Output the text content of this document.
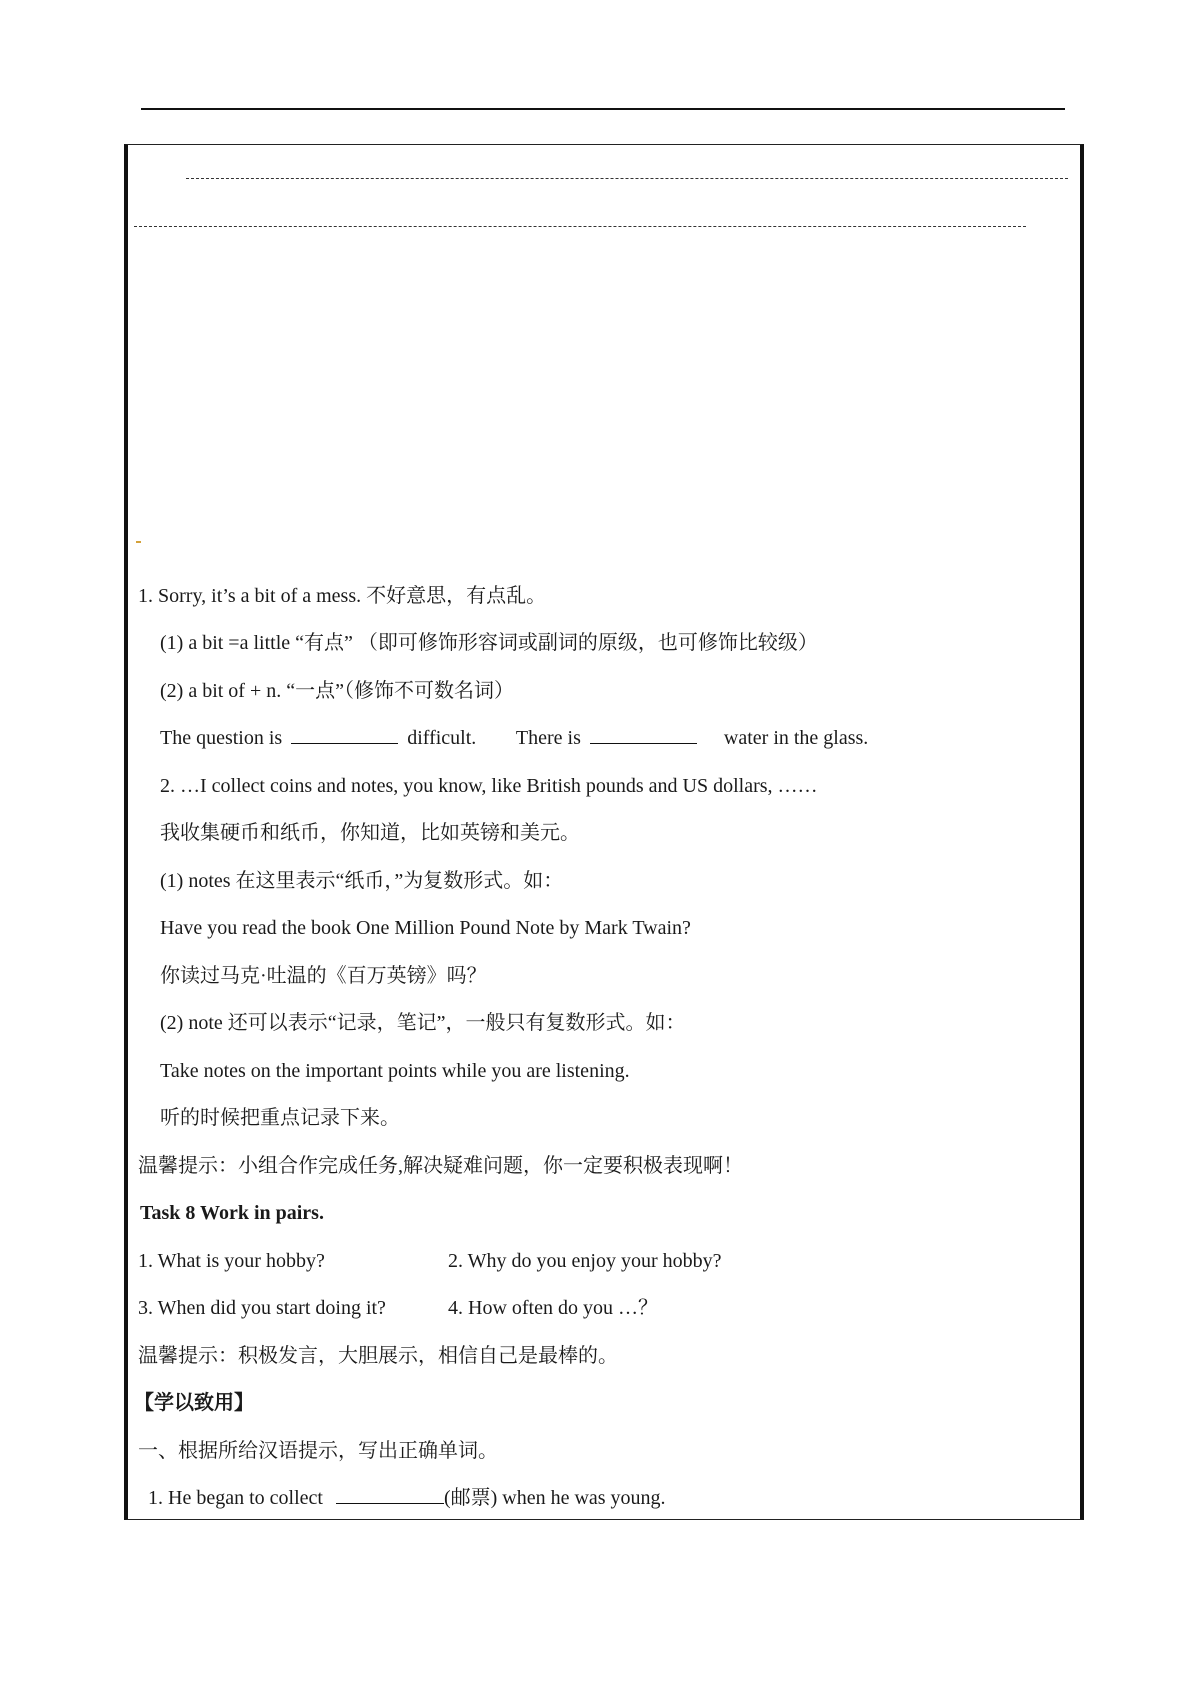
1. Sorry, it’s a bit of a mess. 不好意思，有点乱。
(1) a bit =a little “有点” （即可修饰形容词或副词的原级，也可修饰比较级）
(2) a bit of + n. “一点”（修饰不可数名词）
The question is	difficult. There is	water in the glass.
2. …I collect coins and notes, you know, like British pounds and US dollars, ……
我收集硬币和纸币，你知道，比如英镑和美元。
(1) notes 在这里表示“纸币，”为复数形式。如：
Have you read the book One Million Pound Note by Mark Twain?
你读过马克·吐温的《百万英镑》吗？
(2) note 还可以表示“记录，笔记”，一般只有复数形式。如：
Take notes on the important points while you are listening.
听的时候把重点记录下来。
温馨提示：小组合作完成任务,解决疑难问题，你一定要积极表现啊！
Task 8 Work in pairs.
1. What is your hobby?	2. Why do you enjoy your hobby?
3. When did you start doing it?	4. How often do you …？
温馨提示：积极发言，大胆展示，相信自己是最棒的。
【学以致用】
一、根据所给汉语提示，写出正确单词。
1. He began to collect	(邮票) when he was young.
